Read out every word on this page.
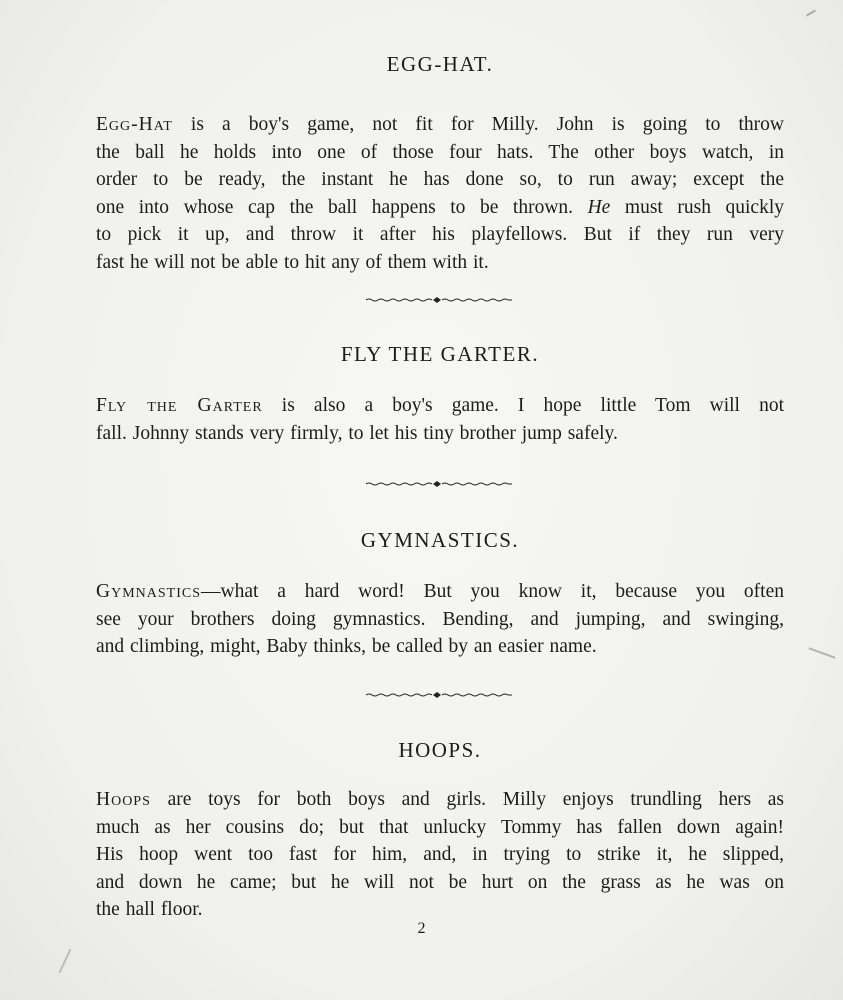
EGG-HAT.
Egg-Hat is a boy's game, not fit for Milly. John is going to throw
the ball he holds into one of those four hats. The other boys watch, in
order to be ready, the instant he has done so, to run away; except the
one into whose cap the ball happens to be thrown. He must rush quickly
to pick it up, and throw it after his playfellows. But if they run very
fast he will not be able to hit any of them with it.
FLY THE GARTER.
Fly the Garter is also a boy's game. I hope little Tom will not
fall. Johnny stands very firmly, to let his tiny brother jump safely.
GYMNASTICS.
Gymnastics—what a hard word! But you know it, because you often
see your brothers doing gymnastics. Bending, and jumping, and swinging,
and climbing, might, Baby thinks, be called by an easier name.
HOOPS.
Hoops are toys for both boys and girls. Milly enjoys trundling hers as
much as her cousins do; but that unlucky Tommy has fallen down again!
His hoop went too fast for him, and, in trying to strike it, he slipped,
and down he came; but he will not be hurt on the grass as he was on
the hall floor.
2
